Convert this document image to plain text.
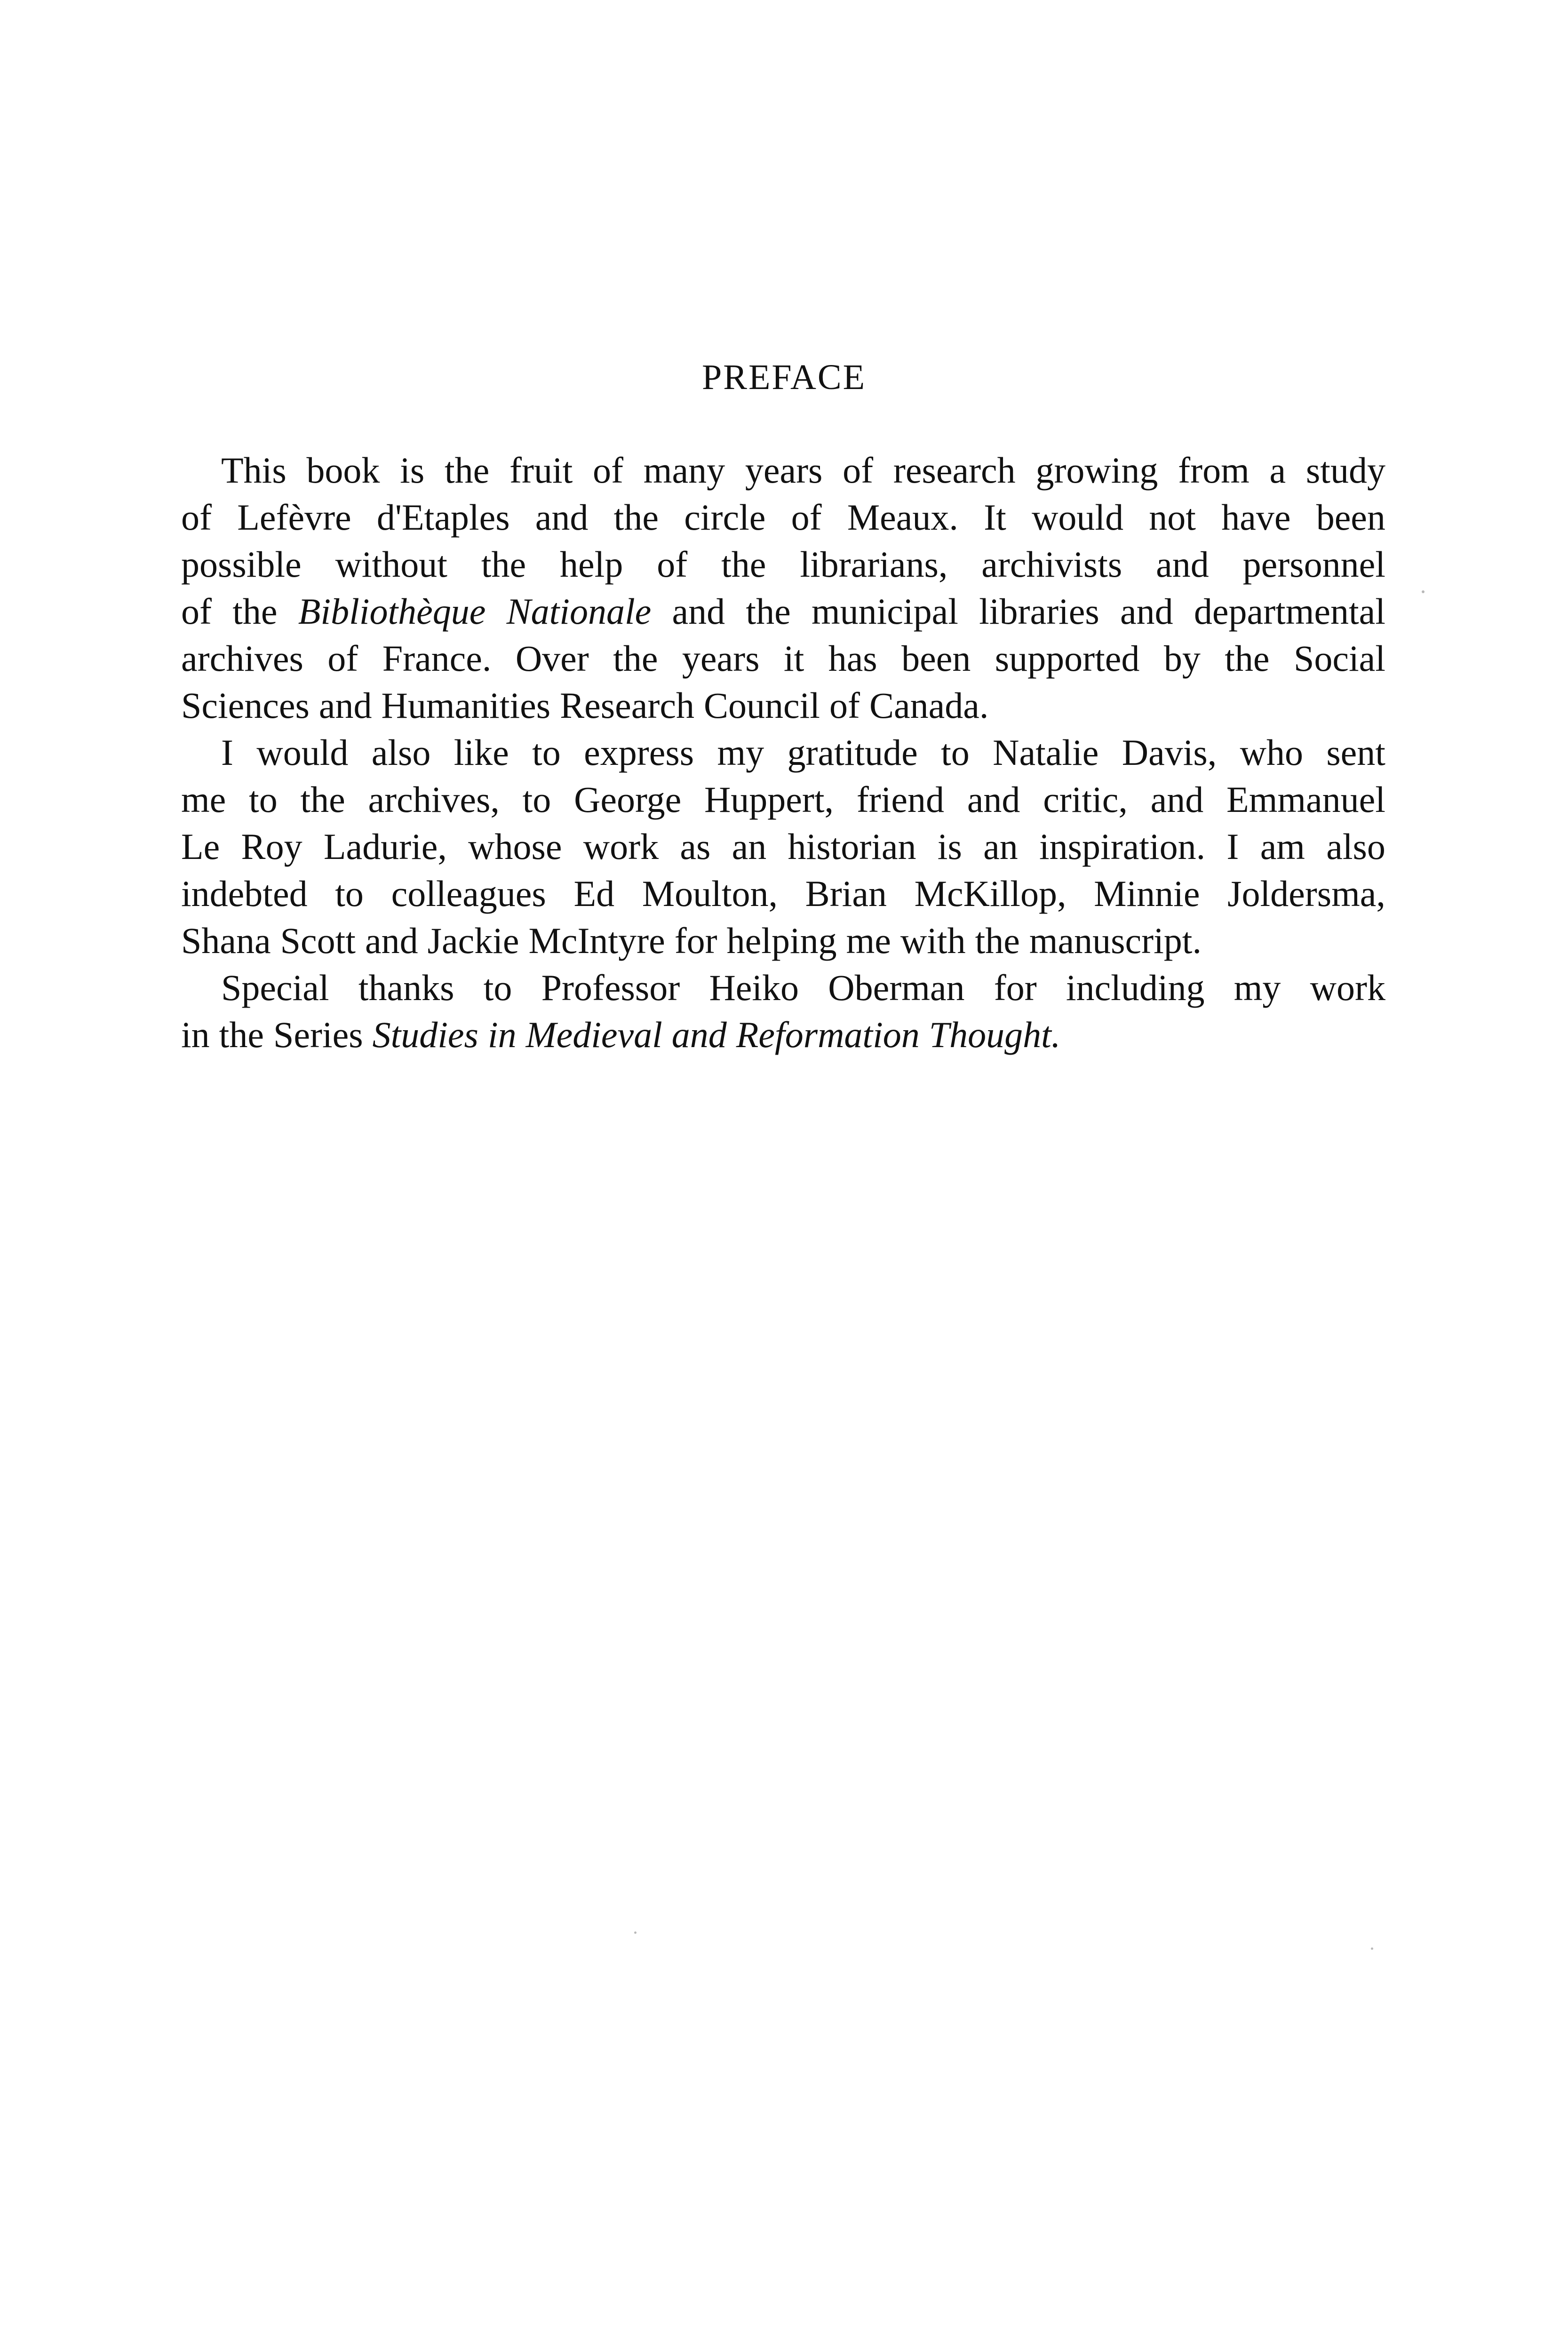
PREFACE
This book is the fruit of many years of research growing from a study
of Lefèvre d'Etaples and the circle of Meaux. It would not have been
possible without the help of the librarians, archivists and personnel
of the Bibliothèque Nationale and the municipal libraries and departmental
archives of France. Over the years it has been supported by the Social
Sciences and Humanities Research Council of Canada.
I would also like to express my gratitude to Natalie Davis, who sent
me to the archives, to George Huppert, friend and critic, and Emmanuel
Le Roy Ladurie, whose work as an historian is an inspiration. I am also
indebted to colleagues Ed Moulton, Brian McKillop, Minnie Joldersma,
Shana Scott and Jackie McIntyre for helping me with the manuscript.
Special thanks to Professor Heiko Oberman for including my work
in the Series Studies in Medieval and Reformation Thought.
